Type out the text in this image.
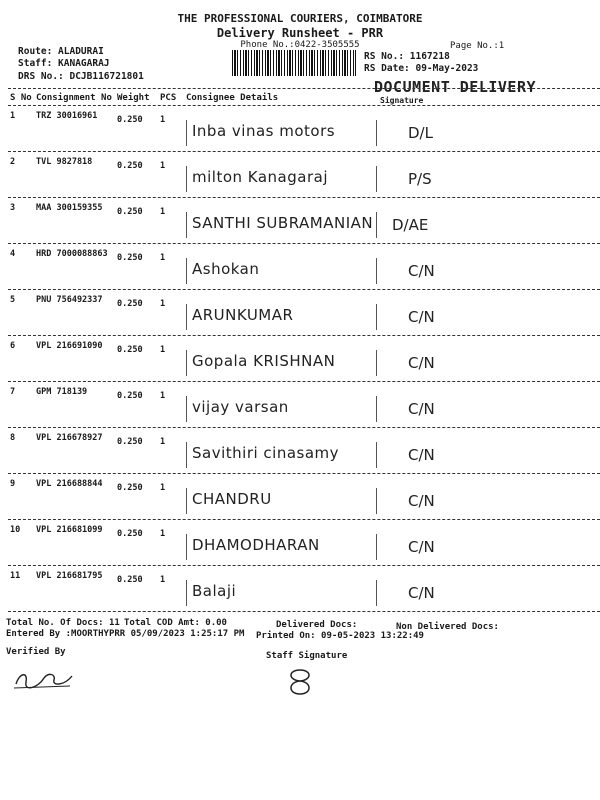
THE PROFESSIONAL COURIERS, COIMBATORE
Delivery Runsheet - PRR
Phone No.:0422-3505555	Page No.:1
Route: ALADURAI
Staff: KANAGARAJ
DRS No.: DCJB116721801
RS No.: 1167218
RS Date: 09-May-2023
DOCUMENT DELIVERY
S No Consignment No Weight PCS Consignee Details	Signature
1 TRZ 30016961 0.250 1
Inba vinas motors	D/L
2 TVL 9827818	0.250 1
milton Kanagaraj	P/S
3 MAA 300159355 0.250 1
SANTHI SUBRAMANIAN D/AE
4 HRD 7000088863 0.250 1
Ashokan	C/N
5 PNU 756492337 0.250 1
ARUNKUMAR	C/N
6 VPL 216691090 0.250 1
Gopala KRISHNAN	C/N
7 GPM 718139	0.250 1
vijay varsan	C/N
8 VPL 216678927 0.250 1
Savithiri cinasamy	C/N
9 VPL 216688844 0.250 1
CHANDRU	C/N
10 VPL 216681099 0.250 1
DHAMODHARAN	C/N
11 VPL 216681795 0.250 1
Balaji	C/N
Total No. Of Docs: 11 Total COD Amt: 0.00	Delivered Docs:	Non Delivered Docs:
Entered By :MOORTHYPRR 05/09/2023 1:25:17 PM Printed On: 09-05-2023 13:22:49
Verified By	Staff Signature
